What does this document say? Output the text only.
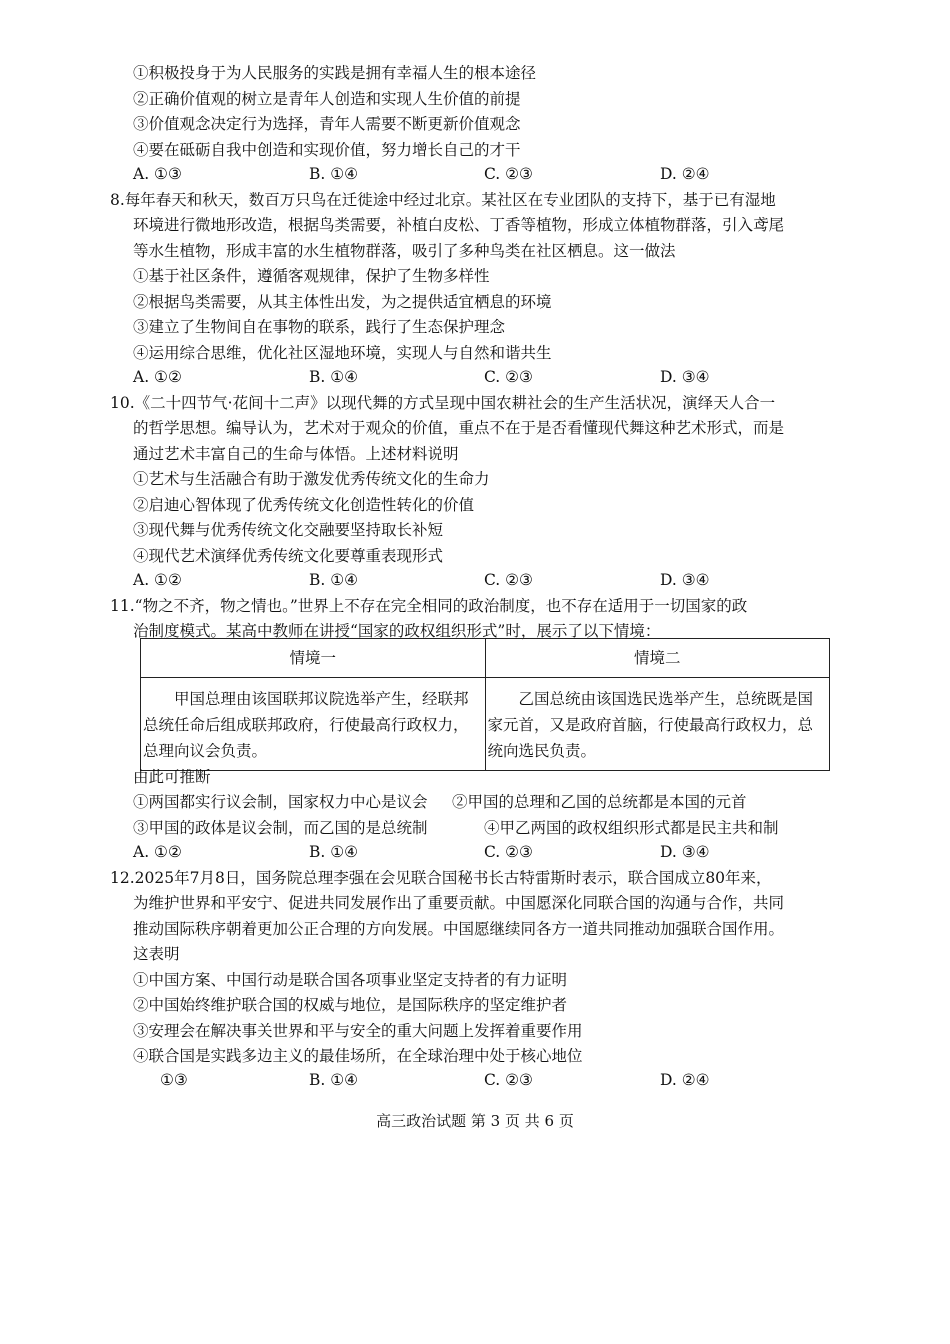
①积极投身于为人民服务的实践是拥有幸福人生的根本途径
②正确价值观的树立是青年人创造和实现人生价值的前提
③价值观念决定行为选择，青年人需要不断更新价值观念
④要在砥砺自我中创造和实现价值，努力增长自己的才干
A. ①③	B. ①④	C. ②③	D. ②④
8.每年春天和秋天，数百万只鸟在迁徙途中经过北京。某社区在专业团队的支持下，基于已有湿地
环境进行微地形改造，根据鸟类需要，补植白皮松、丁香等植物，形成立体植物群落，引入鸢尾
等水生植物，形成丰富的水生植物群落，吸引了多种鸟类在社区栖息。这一做法
①基于社区条件，遵循客观规律，保护了生物多样性
②根据鸟类需要，从其主体性出发，为之提供适宜栖息的环境
③建立了生物间自在事物的联系，践行了生态保护理念
④运用综合思维，优化社区湿地环境，实现人与自然和谐共生
A. ①②	B. ①④	C. ②③	D. ③④
10.《二十四节气·花间十二声》以现代舞的方式呈现中国农耕社会的生产生活状况，演绎天人合一
的哲学思想。编导认为，艺术对于观众的价值，重点不在于是否看懂现代舞这种艺术形式，而是
通过艺术丰富自己的生命与体悟。上述材料说明
①艺术与生活融合有助于激发优秀传统文化的生命力
②启迪心智体现了优秀传统文化创造性转化的价值
③现代舞与优秀传统文化交融要坚持取长补短
④现代艺术演绎优秀传统文化要尊重表现形式
A. ①②	B. ①④	C. ②③	D. ③④
11.“物之不齐，物之情也。”世界上不存在完全相同的政治制度，也不存在适用于一切国家的政
治制度模式。某高中教师在讲授“国家的政权组织形式”时，展示了以下情境：
情境一	情境二
甲国总理由该国联邦议院选举产生，经联邦总统任命后组成联邦政府，行使最高行政权力，总理向议会负责。	乙国总统由该国选民选举产生，总统既是国家元首，又是政府首脑，行使最高行政权力，总统向选民负责。
由此可推断
①两国都实行议会制，国家权力中心是议会 ②甲国的总理和乙国的总统都是本国的元首
③甲国的政体是议会制，而乙国的是总统制	④甲乙两国的政权组织形式都是民主共和制
A. ①②	B. ①④	C. ②③	D. ③④
12.2025年7月8日，国务院总理李强在会见联合国秘书长古特雷斯时表示，联合国成立80年来，
为维护世界和平安宁、促进共同发展作出了重要贡献。中国愿深化同联合国的沟通与合作，共同
推动国际秩序朝着更加公正合理的方向发展。中国愿继续同各方一道共同推动加强联合国作用。
这表明
①中国方案、中国行动是联合国各项事业坚定支持者的有力证明
②中国始终维护联合国的权威与地位，是国际秩序的坚定维护者
③安理会在解决事关世界和平与安全的重大问题上发挥着重要作用
④联合国是实践多边主义的最佳场所，在全球治理中处于核心地位
①③	B. ①④	C. ②③	D. ②④
高三政治试题 第 3 页 共 6 页
